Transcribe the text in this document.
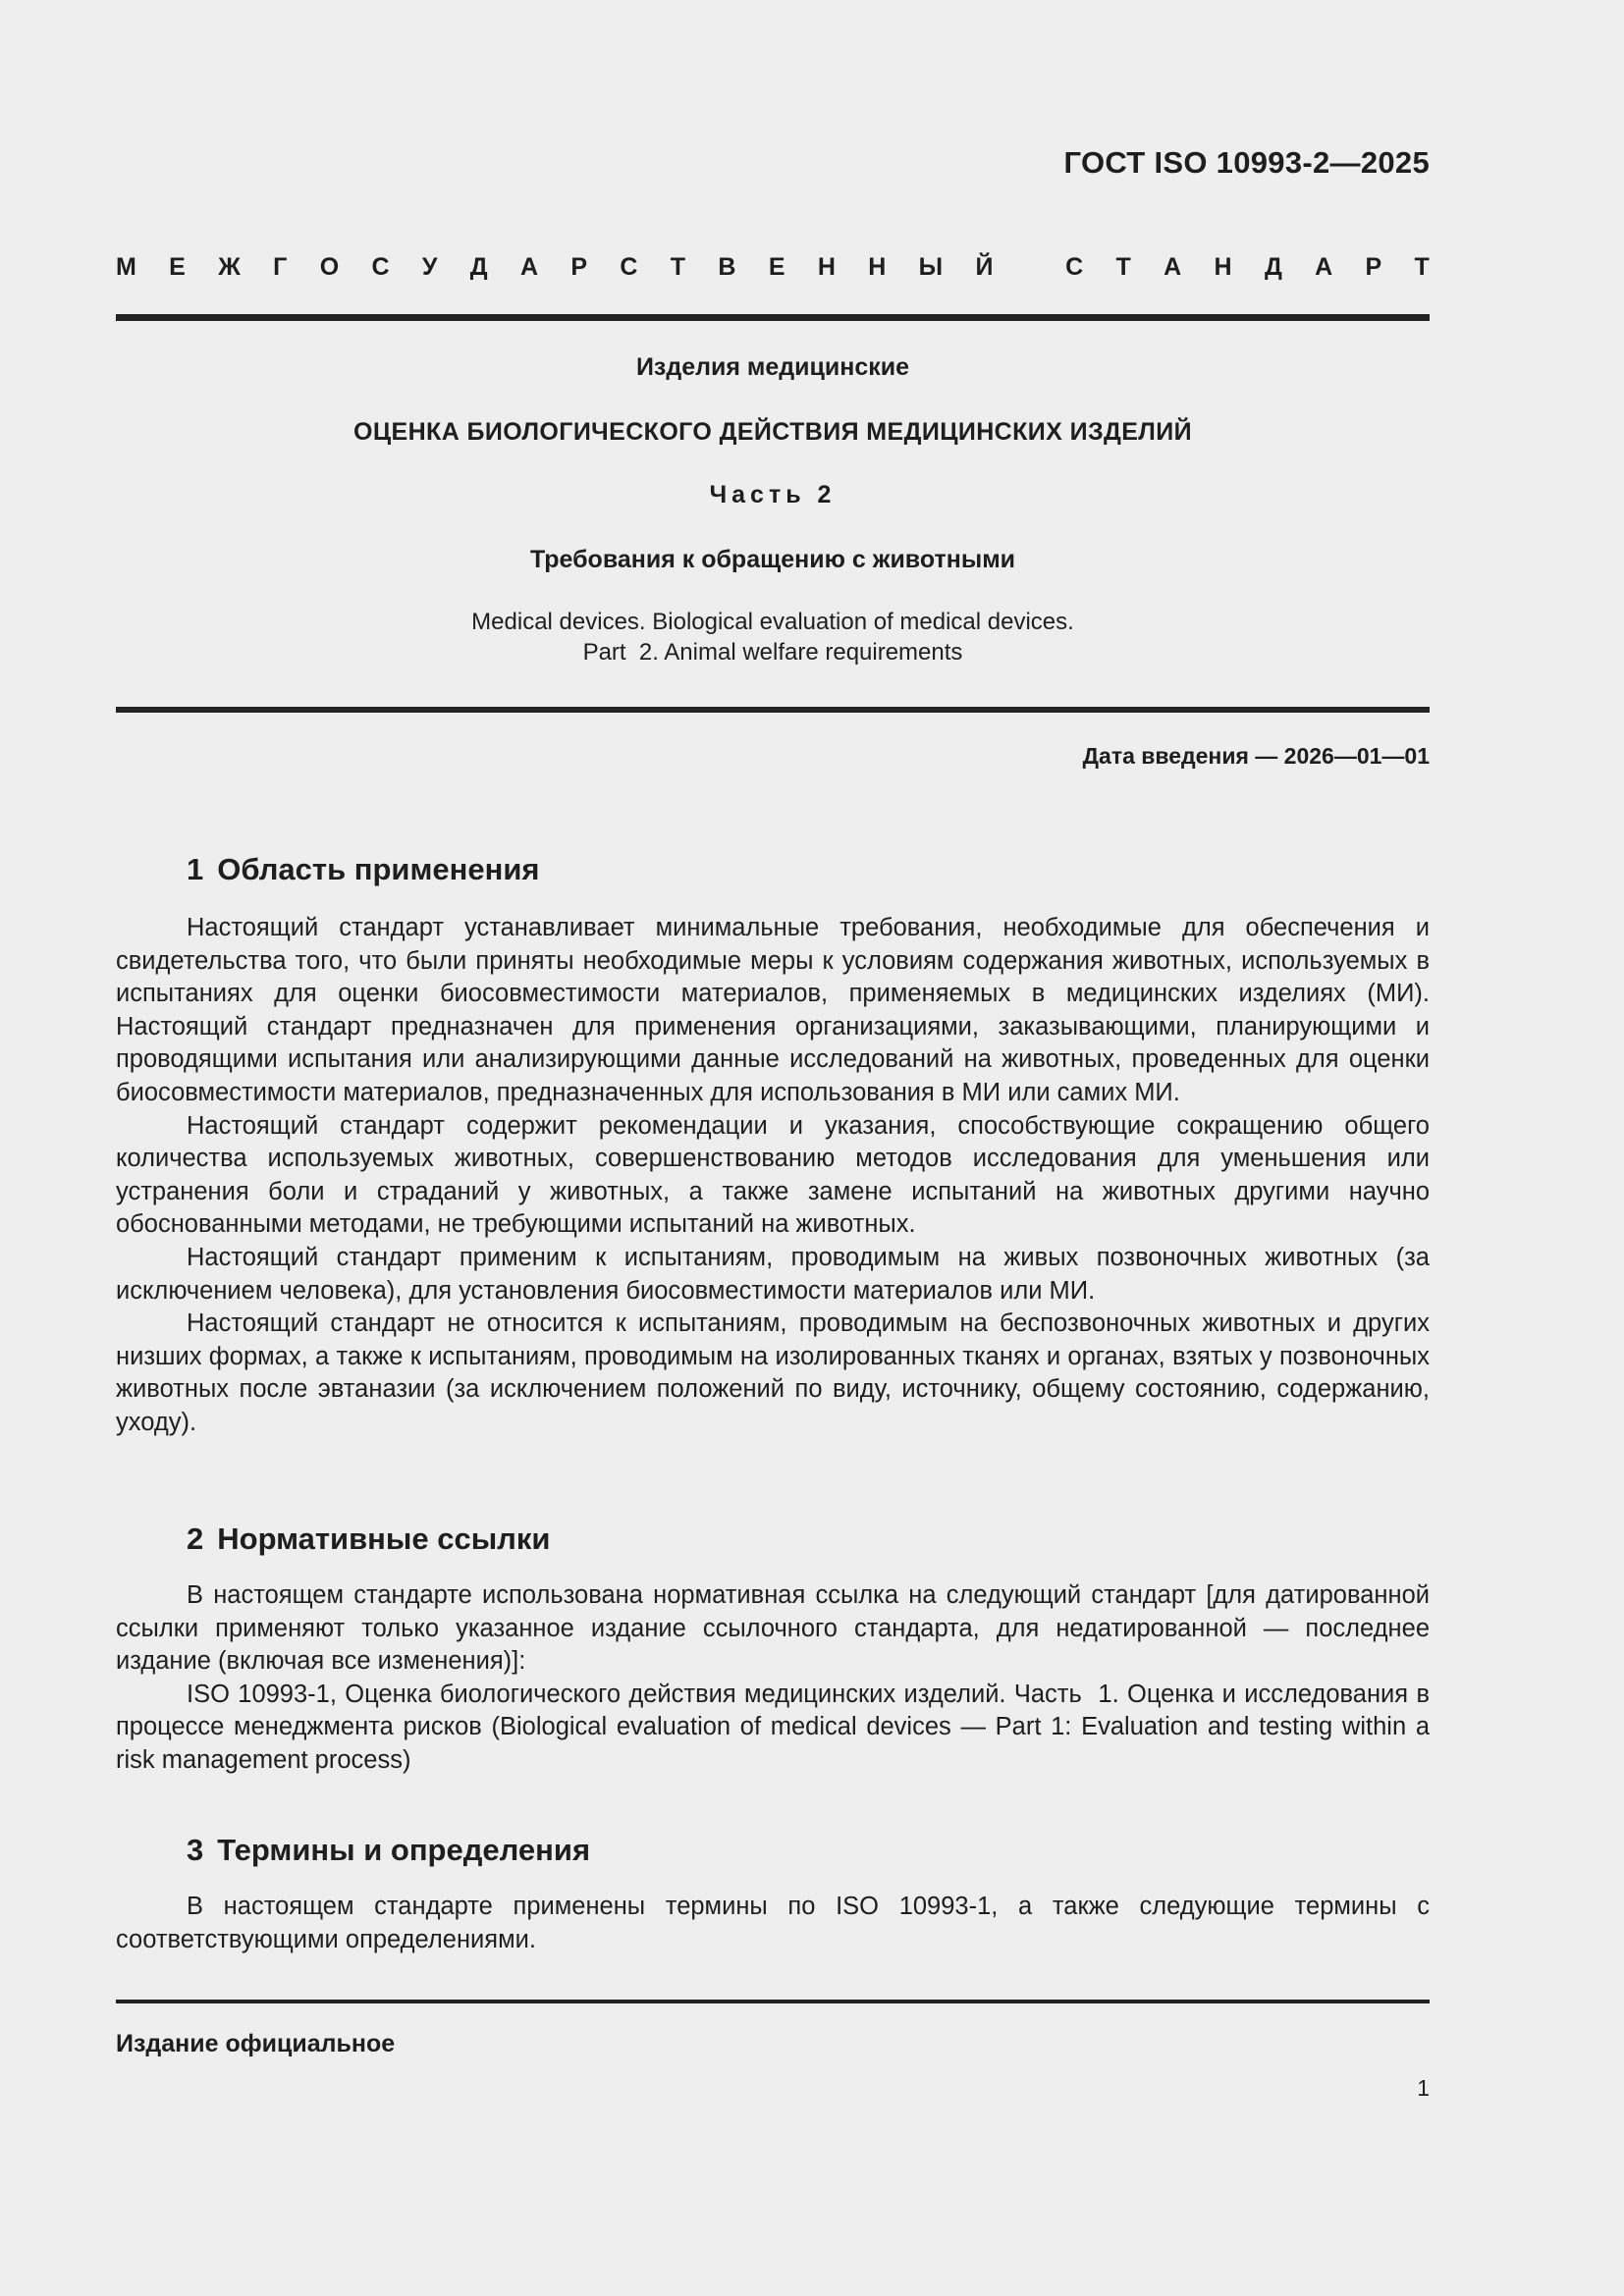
ГОСТ ISO 10993-2—2025
М Е Ж Г О С У Д А Р С Т В Е Н Н Ы Й
	С Т А Н Д А Р Т
Изделия медицинские
ОЦЕНКА БИОЛОГИЧЕСКОГО ДЕЙСТВИЯ МЕДИЦИНСКИХ ИЗДЕЛИЙ
Часть 2
Требования к обращению с животными
Medical devices. Biological evaluation of medical devices.
Part  2. Animal welfare requirements
Дата введения — 2026—01—01
1 Область применения

Настоящий стандарт устанавливает минимальные требования, необходимые для обеспечения и свидетельства того, что были приняты необходимые меры к условиям содержания животных, используемых в испытаниях для оценки биосовместимости материалов, применяемых в медицинских изделиях (МИ). Настоящий стандарт предназначен для применения организациями, заказывающими, планирующими и проводящими испытания или анализирующими данные исследований на животных, проведенных для оценки биосовместимости материалов, предназначенных для использования в МИ или самих МИ.

Настоящий стандарт содержит рекомендации и указания, способствующие сокращению общего количества используемых животных, совершенствованию методов исследования для уменьшения или устранения боли и страданий у животных, а также замене испытаний на животных другими научно обоснованными методами, не требующими испытаний на животных.

Настоящий стандарт применим к испытаниям, проводимым на живых позвоночных животных (за исключением человека), для установления биосовместимости материалов или МИ.

Настоящий стандарт не относится к испытаниям, проводимым на беспозвоночных животных и других низших формах, а также к испытаниям, проводимым на изолированных тканях и органах, взятых у позвоночных животных после эвтаназии (за исключением положений по виду, источнику, общему состоянию, содержанию, уходу).

2 Нормативные ссылки

В настоящем стандарте использована нормативная ссылка на следующий стандарт [для датированной ссылки применяют только указанное издание ссылочного стандарта, для недатированной — последнее издание (включая все изменения)]:

ISO 10993-1, Оценка биологического действия медицинских изделий. Часть  1. Оценка и исследования в процессе менеджмента рисков (Biological evaluation of medical devices — Part 1: Evaluation and testing within a risk management process)

3 Термины и определения

В настоящем стандарте применены термины по ISO 10993-1, а также следующие термины с соответствующими определениями.

Издание официальное
1
